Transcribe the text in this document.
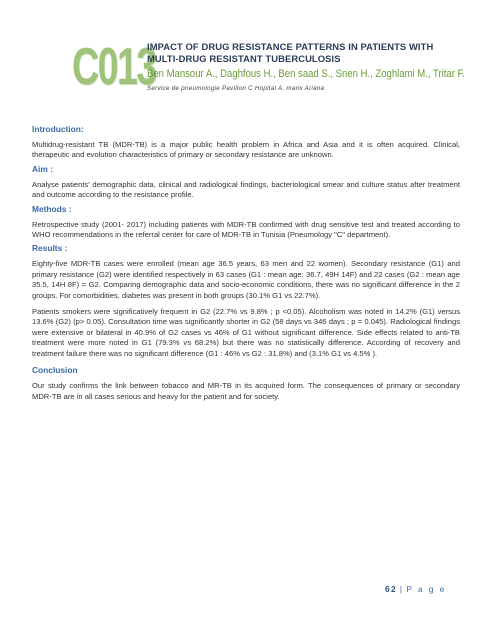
C013
IMPACT OF DRUG RESISTANCE PATTERNS IN PATIENTS WITH MULTI-DRUG RESISTANT TUBERCULOSIS
Ben Mansour A., Daghfous H., Ben saad S., Snen H., Zoghlami M., Tritar F.
Service de pneumologie Pavillon C Hopital A. mami Ariana

Introduction:

Multidrug-resistant TB (MDR-TB) is a major public health problem in Africa and Asia and it is often acquired. Clinical, therapeutic and evolution characteristics of primary or secondary resistance are unknown.

Aim :

Analyse patients' demographic data, clinical and radiological findings, bacteriological smear and culture status after treatment and outcome according to the resistance profile.

Methods :

Retrospective study (2001- 2017) including patients with MDR-TB confirmed with drug sensitive test and treated according to WHO recommendations in the referral center for care of MDR-TB in Tunisia (Pneumology "C" department).

Results :

Eighty-five MDR-TB cases were enrolled (mean age 36.5 years, 63 men and 22 women). Secondary resistance (G1) and primary resistance (G2) were identified respectively in 63 cases (G1 : mean age: 36.7, 49H 14F) and 22 cases (G2 : mean age 35.5, 14H 8F) = G2. Comparing demographic data and socio-economic conditions, there was no significant difference in the 2 groups. For comorbidities, diabetes was present in both groups (30.1% G1 vs 22.7%).

Patients smokers were significatively frequent in G2 (22.7% vs 9.8% ; p <0.05). Alcoholism was noted in 14.2% (G1) versus 13.6% (G2) (p> 0.05). Consultation time was significantly shorter in G2 (58 days vs 346 days ; p = 0.045). Radiological findings were extensive or bilateral in 40.9% of G2 cases vs 46% of G1 without significant difference. Side effects related to anti-TB treatment were more noted in G1 (79.3% vs 68.2%) but there was no statistically difference. According of recovery and treatment failure there was no significant difference (G1 : 46% vs G2 : 31.8%) and (3.1% G1 vs 4.5% ).

Conclusion

Our study confirms the link between tobacco and MR-TB in its acquired form. The consequences of primary or secondary MDR-TB are in all cases serious and heavy for the patient and for society.

62 | P a g e
